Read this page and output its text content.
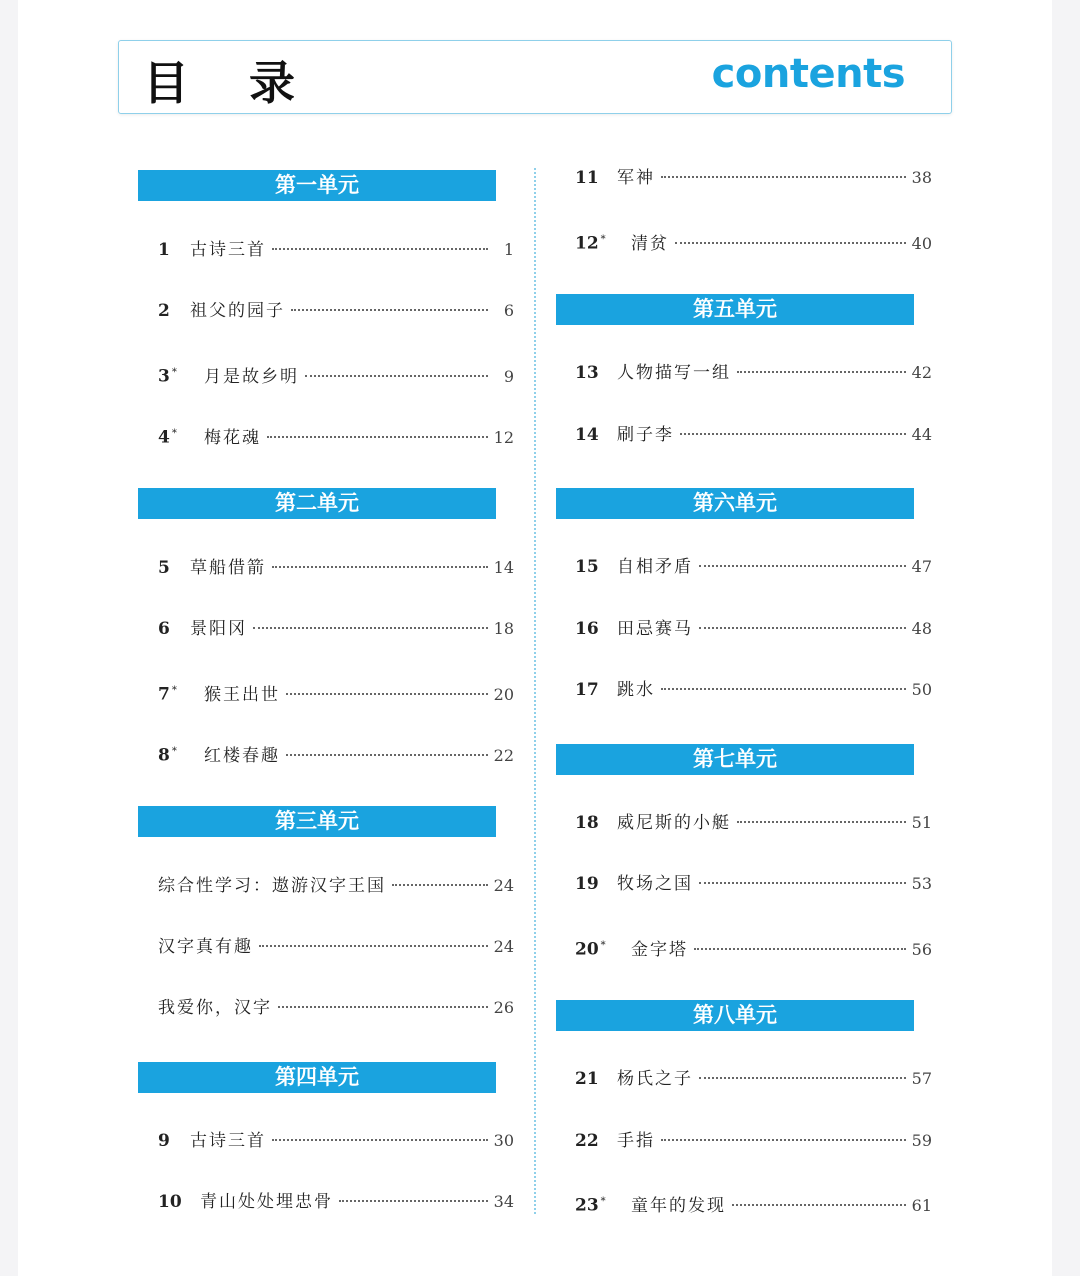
目 录	contents
第一单元
1	古诗三首	1
2	祖父的园子	6
3 *	月是故乡明	9
4 *	梅花魂	12
第二单元
5	草船借箭	14
6	景阳冈	18
7 *	猴王出世	20
8 *	红楼春趣	22
第三单元
综合性学习：遨游汉字王国	24
汉字真有趣	24
我爱你，汉字	26
第四单元
9	古诗三首	30
10	青山处处埋忠骨	34
11	军神	38
12 *	清贫	40
第五单元
13	人物描写一组	42
14	刷子李	44
第六单元
15	自相矛盾	47
16	田忌赛马	48
17	跳水	50
第七单元
18	威尼斯的小艇	51
19	牧场之国	53
20 *	金字塔	56
第八单元
21	杨氏之子	57
22	手指	59
23 *	童年的发现	61
